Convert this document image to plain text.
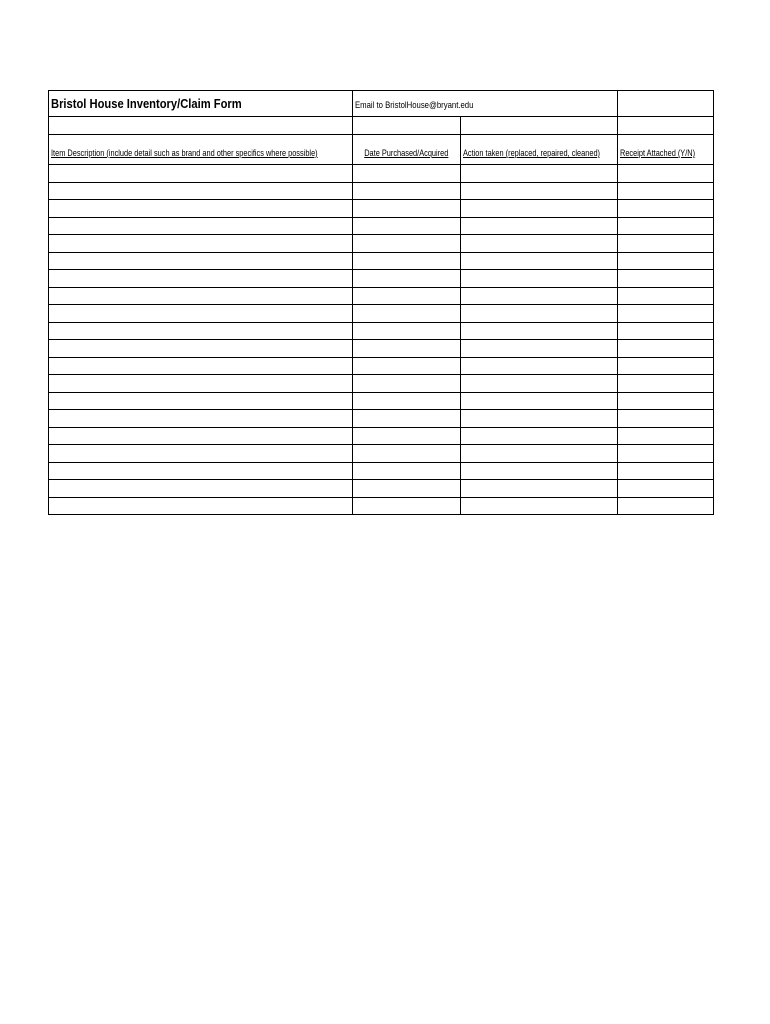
Bristol House Inventory/Claim Form	Email to BristolHouse@bryant.edu		

Item Description (include detail such as brand and other specifics where possible)	Date Purchased/Acquired	Action taken (replaced, repaired, cleaned)	Receipt Attached (Y/N)
